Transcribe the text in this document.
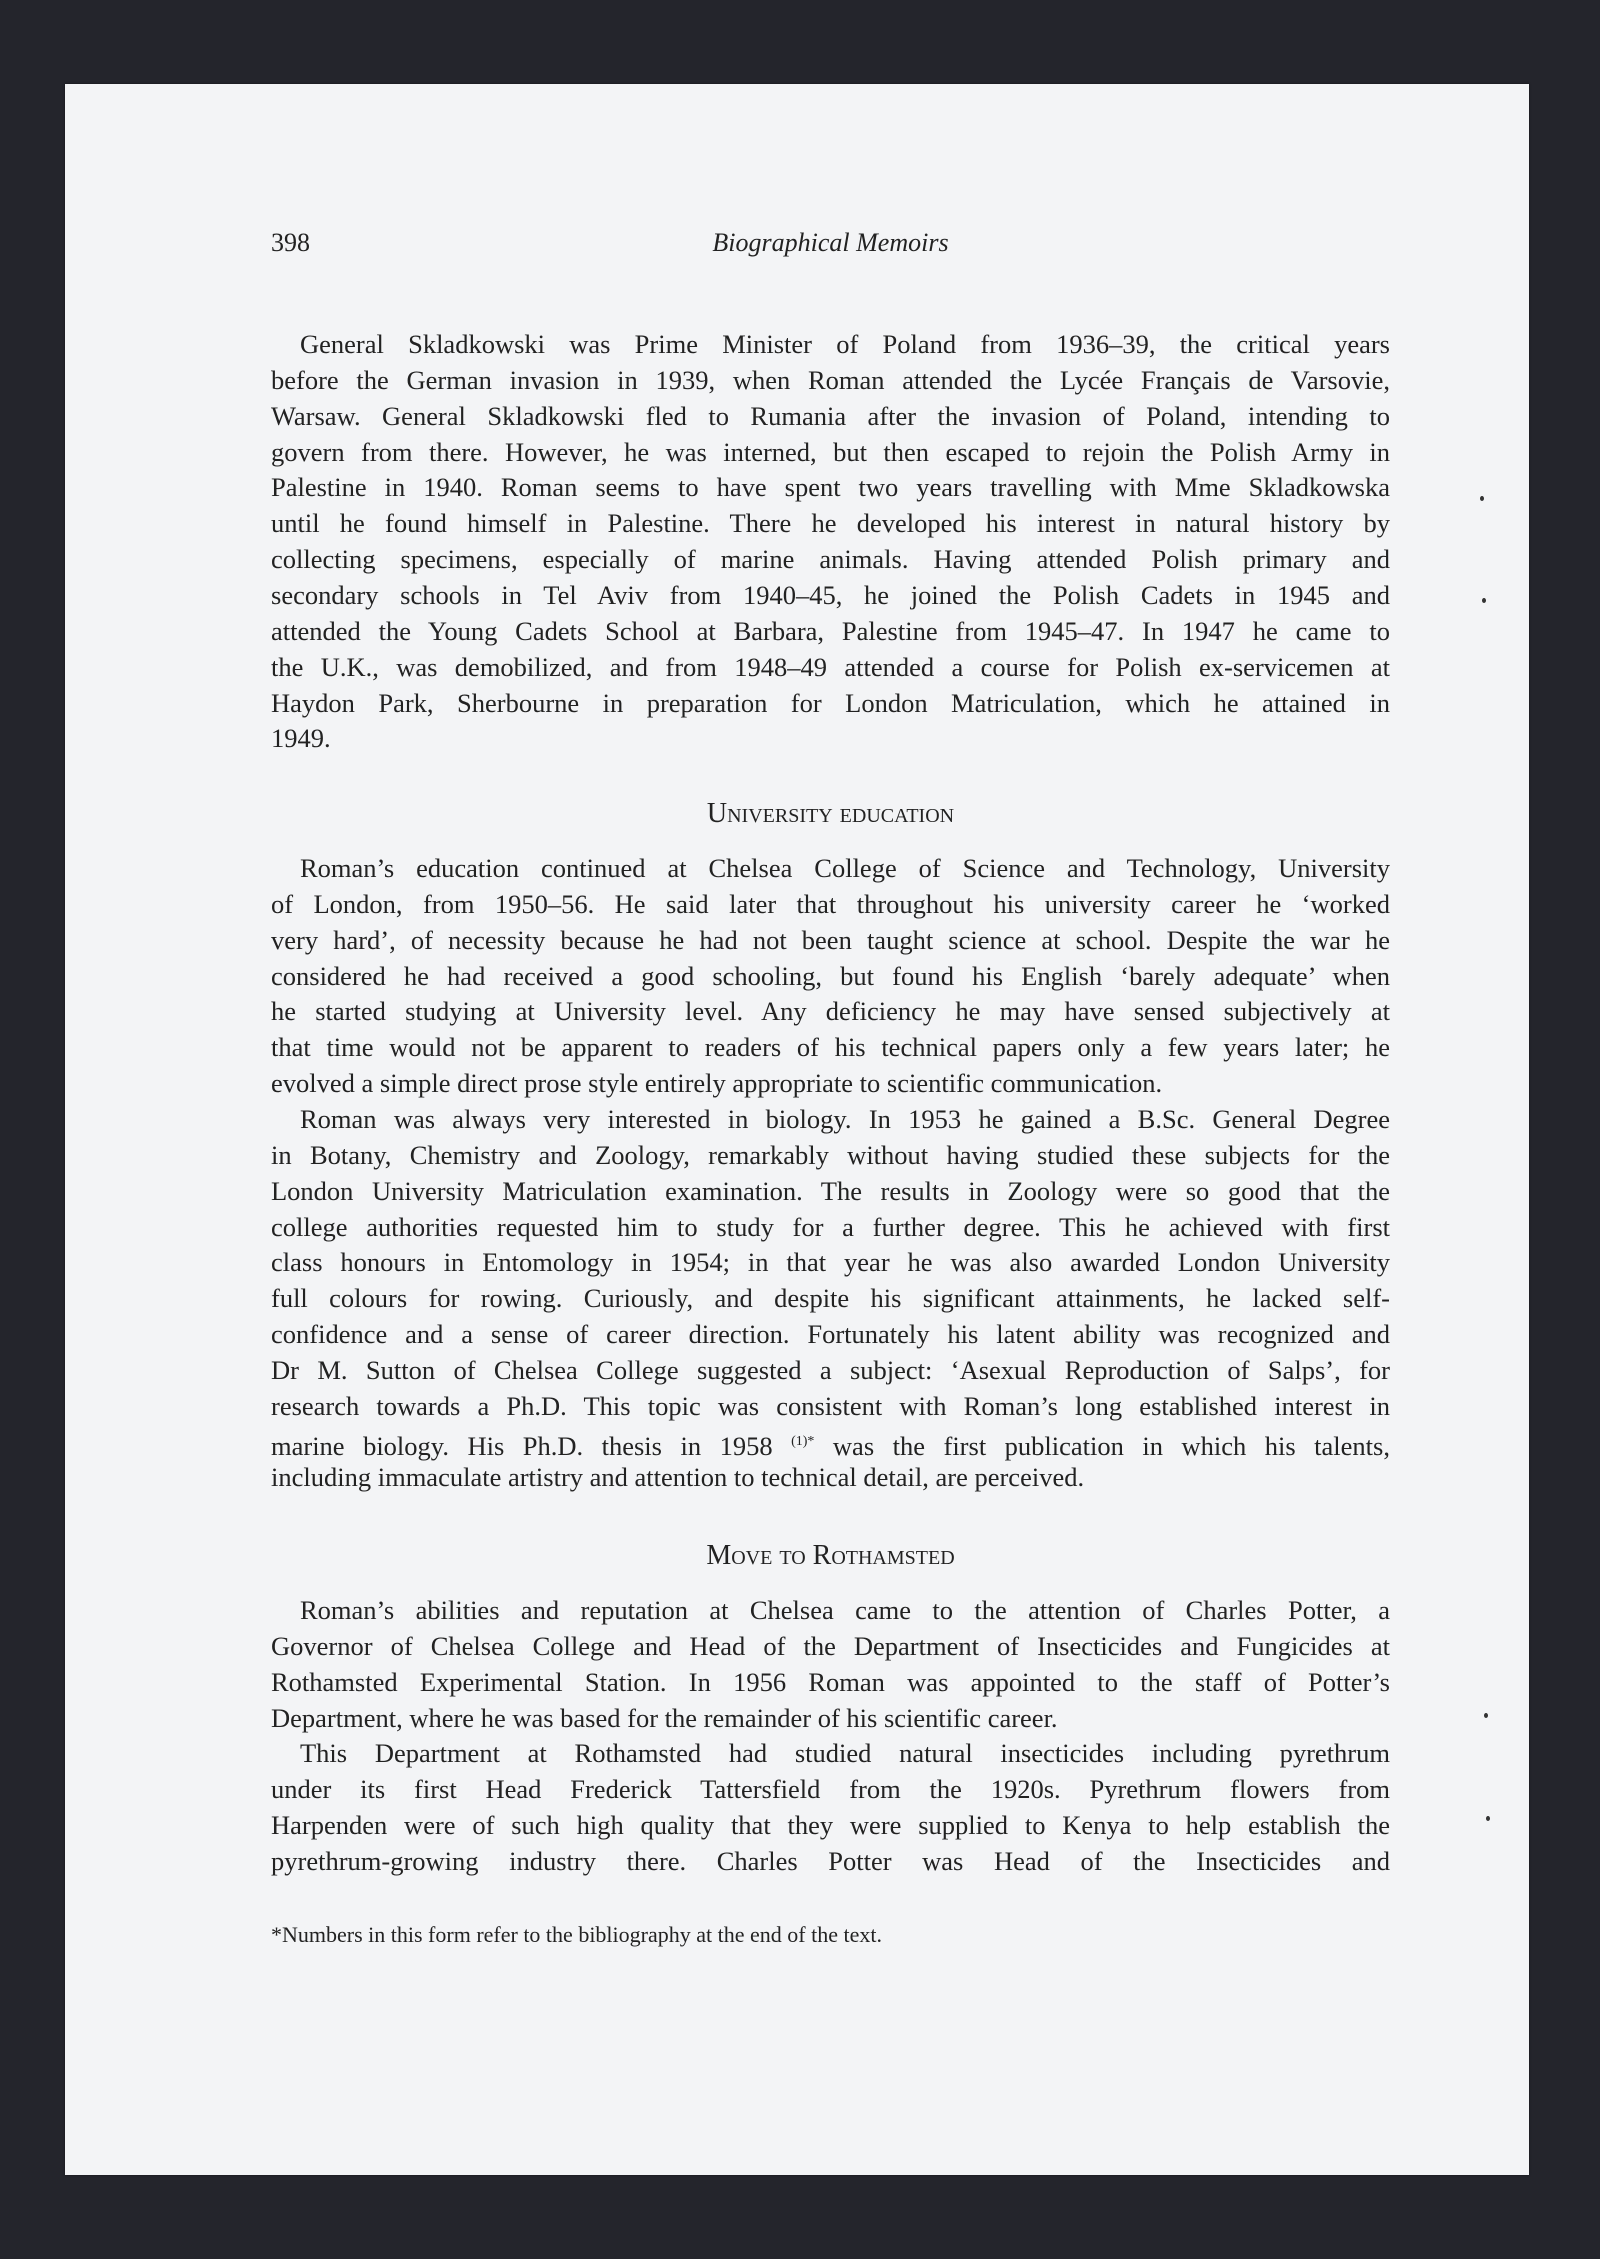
398	Biographical Memoirs
General Skladkowski was Prime Minister of Poland from 1936–39, the critical years
before the German invasion in 1939, when Roman attended the Lycée Français de Varsovie,
Warsaw. General Skladkowski fled to Rumania after the invasion of Poland, intending to
govern from there. However, he was interned, but then escaped to rejoin the Polish Army in
Palestine in 1940. Roman seems to have spent two years travelling with Mme Skladkowska
until he found himself in Palestine. There he developed his interest in natural history by
collecting specimens, especially of marine animals. Having attended Polish primary and
secondary schools in Tel Aviv from 1940–45, he joined the Polish Cadets in 1945 and
attended the Young Cadets School at Barbara, Palestine from 1945–47. In 1947 he came to
the U.K., was demobilized, and from 1948–49 attended a course for Polish ex-servicemen at
Haydon Park, Sherbourne in preparation for London Matriculation, which he attained in
1949.
University education
Roman’s education continued at Chelsea College of Science and Technology, University
of London, from 1950–56. He said later that throughout his university career he ‘worked
very hard’, of necessity because he had not been taught science at school. Despite the war he
considered he had received a good schooling, but found his English ‘barely adequate’ when
he started studying at University level. Any deficiency he may have sensed subjectively at
that time would not be apparent to readers of his technical papers only a few years later; he
evolved a simple direct prose style entirely appropriate to scientific communication.
Roman was always very interested in biology. In 1953 he gained a B.Sc. General Degree
in Botany, Chemistry and Zoology, remarkably without having studied these subjects for the
London University Matriculation examination. The results in Zoology were so good that the
college authorities requested him to study for a further degree. This he achieved with first
class honours in Entomology in 1954; in that year he was also awarded London University
full colours for rowing. Curiously, and despite his significant attainments, he lacked self-
confidence and a sense of career direction. Fortunately his latent ability was recognized and
Dr M. Sutton of Chelsea College suggested a subject: ‘Asexual Reproduction of Salps’, for
research towards a Ph.D. This topic was consistent with Roman’s long established interest in
marine biology. His Ph.D. thesis in 1958 $^{(1)*}$ was the first publication in which his talents,
including immaculate artistry and attention to technical detail, are perceived.
Move to Rothamsted
Roman’s abilities and reputation at Chelsea came to the attention of Charles Potter, a
Governor of Chelsea College and Head of the Department of Insecticides and Fungicides at
Rothamsted Experimental Station. In 1956 Roman was appointed to the staff of Potter’s
Department, where he was based for the remainder of his scientific career.
This Department at Rothamsted had studied natural insecticides including pyrethrum
under its first Head Frederick Tattersfield from the 1920s. Pyrethrum flowers from
Harpenden were of such high quality that they were supplied to Kenya to help establish the
pyrethrum-growing industry there. Charles Potter was Head of the Insecticides and
*Numbers in this form refer to the bibliography at the end of the text.
